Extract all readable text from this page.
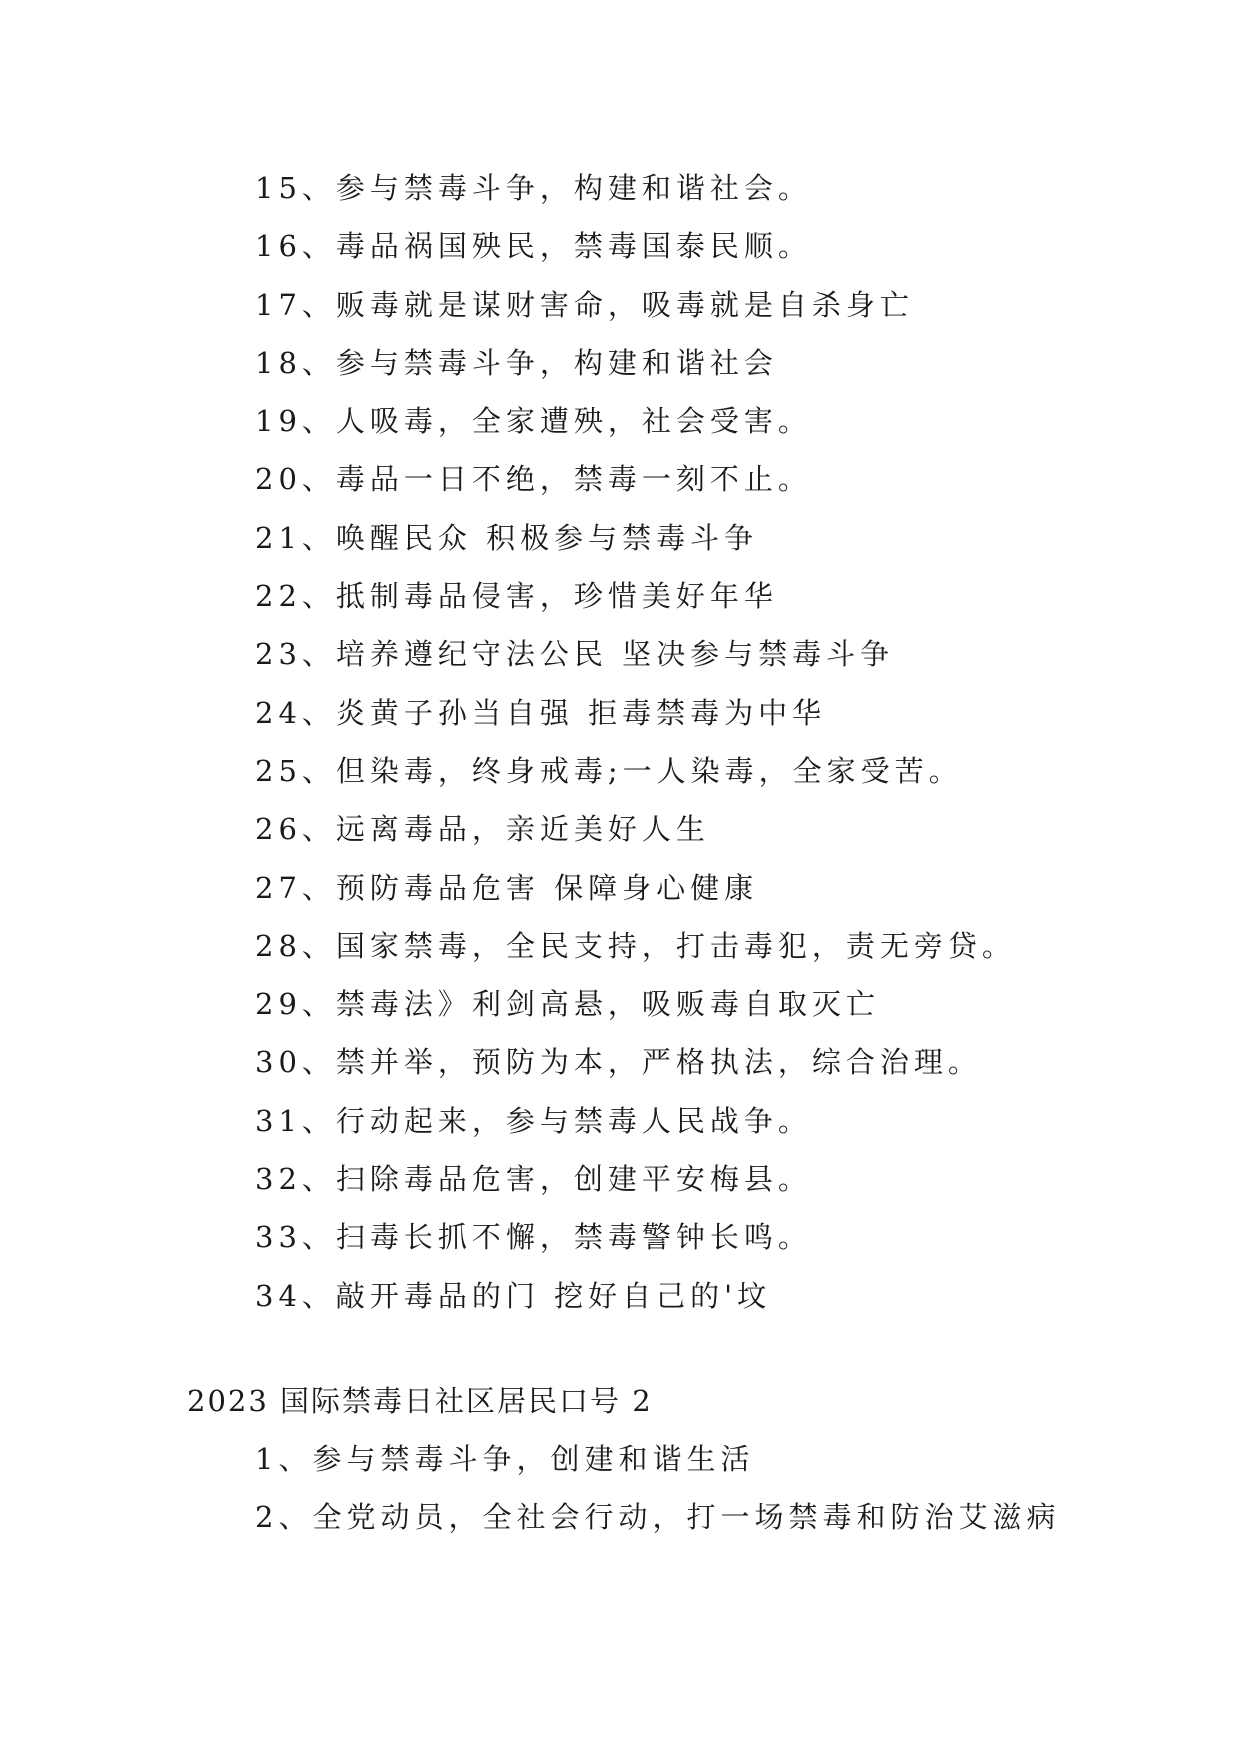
15、参与禁毒斗争，构建和谐社会。
16、毒品祸国殃民，禁毒国泰民顺。
17、贩毒就是谋财害命，吸毒就是自杀身亡
18、参与禁毒斗争，构建和谐社会
19、人吸毒，全家遭殃，社会受害。
20、毒品一日不绝，禁毒一刻不止。
21、唤醒民众 积极参与禁毒斗争
22、抵制毒品侵害，珍惜美好年华
23、培养遵纪守法公民 坚决参与禁毒斗争
24、炎黄子孙当自强 拒毒禁毒为中华
25、但染毒，终身戒毒;一人染毒，全家受苦。
26、远离毒品，亲近美好人生
27、预防毒品危害 保障身心健康
28、国家禁毒，全民支持，打击毒犯，责无旁贷。
29、禁毒法》利剑高悬，吸贩毒自取灭亡
30、禁并举，预防为本，严格执法，综合治理。
31、行动起来，参与禁毒人民战争。
32、扫除毒品危害，创建平安梅县。
33、扫毒长抓不懈，禁毒警钟长鸣。
34、敲开毒品的门 挖好自己的'坟
2023 国际禁毒日社区居民口号 2
1、参与禁毒斗争，创建和谐生活
2、全党动员，全社会行动，打一场禁毒和防治艾滋病
